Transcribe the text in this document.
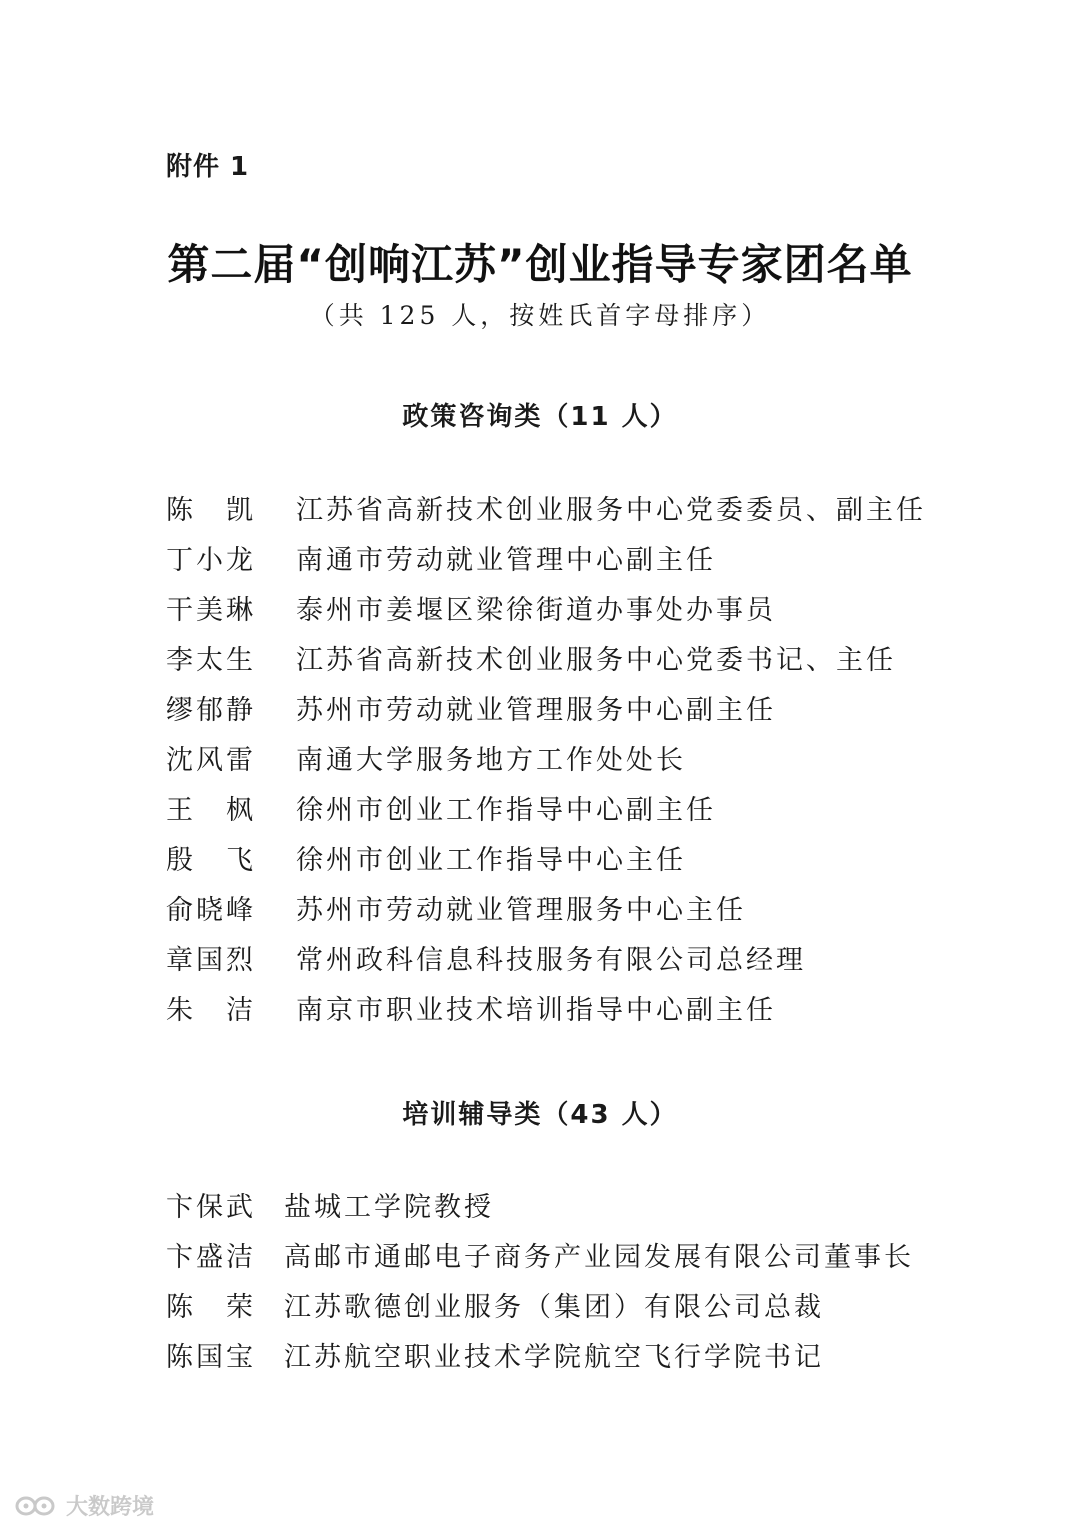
附件 1
第二届“创响江苏”创业指导专家团名单
（共 125 人，按姓氏首字母排序）
政策咨询类（11 人）
陈　凯	江苏省高新技术创业服务中心党委委员、副主任
丁小龙	南通市劳动就业管理中心副主任
干美琳	泰州市姜堰区梁徐街道办事处办事员
李太生	江苏省高新技术创业服务中心党委书记、主任
缪郁静	苏州市劳动就业管理服务中心副主任
沈风雷	南通大学服务地方工作处处长
王　枫	徐州市创业工作指导中心副主任
殷　飞	徐州市创业工作指导中心主任
俞晓峰	苏州市劳动就业管理服务中心主任
章国烈	常州政科信息科技服务有限公司总经理
朱　洁	南京市职业技术培训指导中心副主任
培训辅导类（43 人）
卞保武	盐城工学院教授
卞盛洁	高邮市通邮电子商务产业园发展有限公司董事长
陈　荣	江苏歌德创业服务（集团）有限公司总裁
陈国宝	江苏航空职业技术学院航空飞行学院书记
大数跨境
